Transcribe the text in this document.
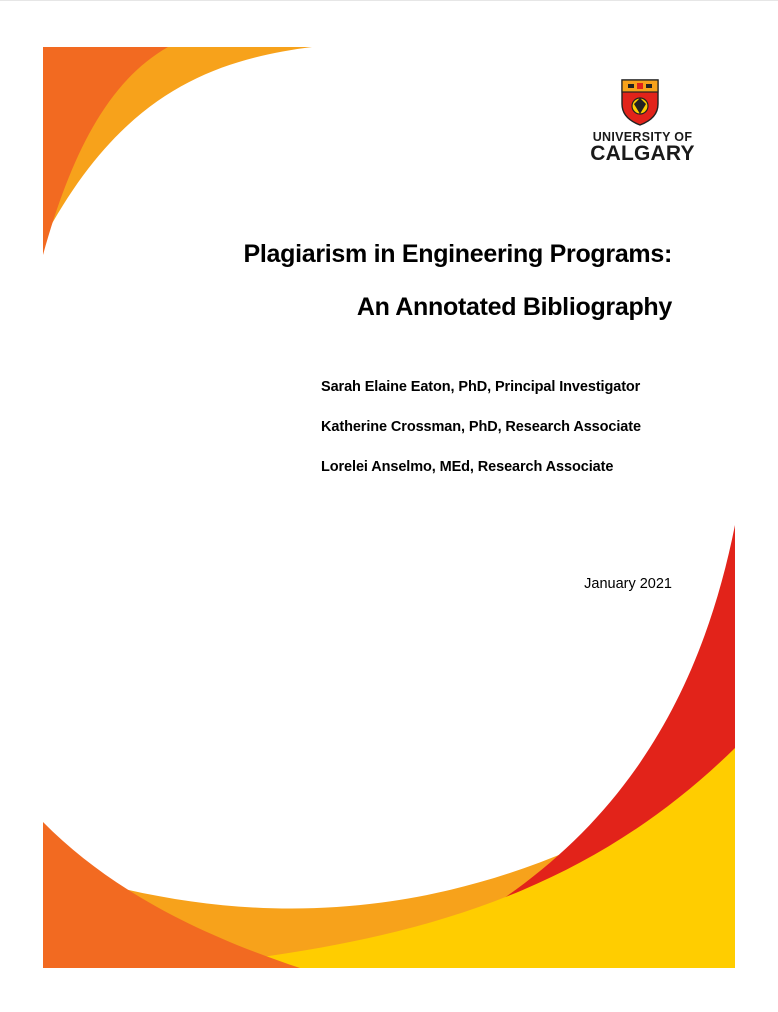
UNIVERSITY OF
CALGARY
Plagiarism in Engineering Programs:
An Annotated Bibliography
Sarah Elaine Eaton, PhD, Principal Investigator
Katherine Crossman, PhD, Research Associate
Lorelei Anselmo, MEd, Research Associate
January 2021
